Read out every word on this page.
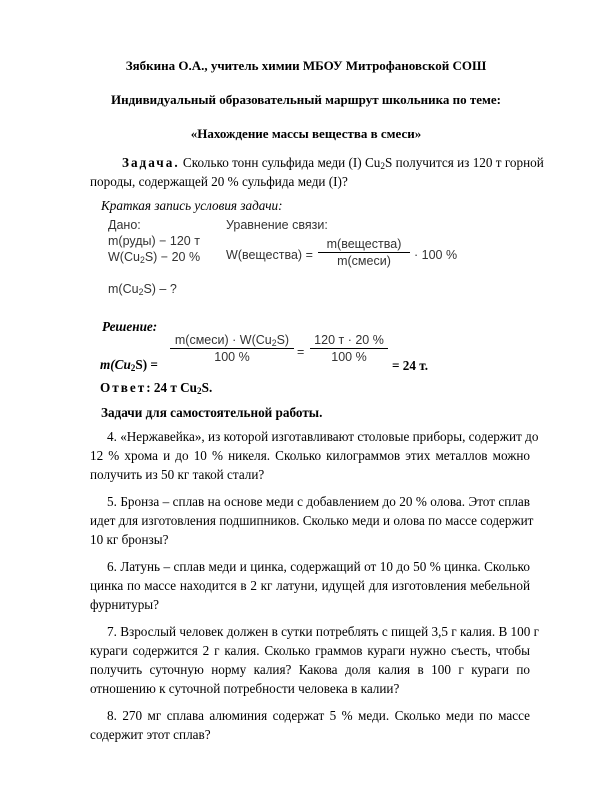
Зябкина О.А., учитель химии МБОУ Митрофановской СОШ
Индивидуальный образовательный маршрут школьника по теме:
«Нахождение массы вещества в смеси»
Задача. Сколько тонн сульфида меди (I) $Cu_2S$ получится из 120 т горной
породы, содержащей 20 % сульфида меди (I)?
Краткая запись условия задачи:
Дано:
m(руды) − 120 т
$W(Cu_2S) - 20$ %
$m(Cu_2S)$ – ?
Уравнение связи:
W(вещества) =
m(вещества)
m(смеси)	· 100 %
Решение:
$m(Cu_2S)$ =
m(смеси) · $W(Cu_2S)$
100 %	=
120 т · 20 %
100 %
= 24 т.
Ответ: 24 т $Cu_2S$.
Задачи для самостоятельной работы.
4. «Нержавейка», из которой изготавливают столовые приборы, содержит до
12 % хрома и до 10 % никеля. Сколько килограммов этих металлов можно
получить из 50 кг такой стали?
5. Бронза – сплав на основе меди с добавлением до 20 % олова. Этот сплав
идет для изготовления подшипников. Сколько меди и олова по массе содержит
10 кг бронзы?
6. Латунь – сплав меди и цинка, содержащий от 10 до 50 % цинка. Сколько
цинка по массе находится в 2 кг латуни, идущей для изготовления мебельной
фурнитуры?
7. Взрослый человек должен в сутки потреблять с пищей 3,5 г калия. В 100 г
кураги содержится 2 г калия. Сколько граммов кураги нужно съесть, чтобы
получить суточную норму калия? Какова доля калия в 100 г кураги по
отношению к суточной потребности человека в калии?
8. 270 мг сплава алюминия содержат 5 % меди. Сколько меди по массе
содержит этот сплав?
